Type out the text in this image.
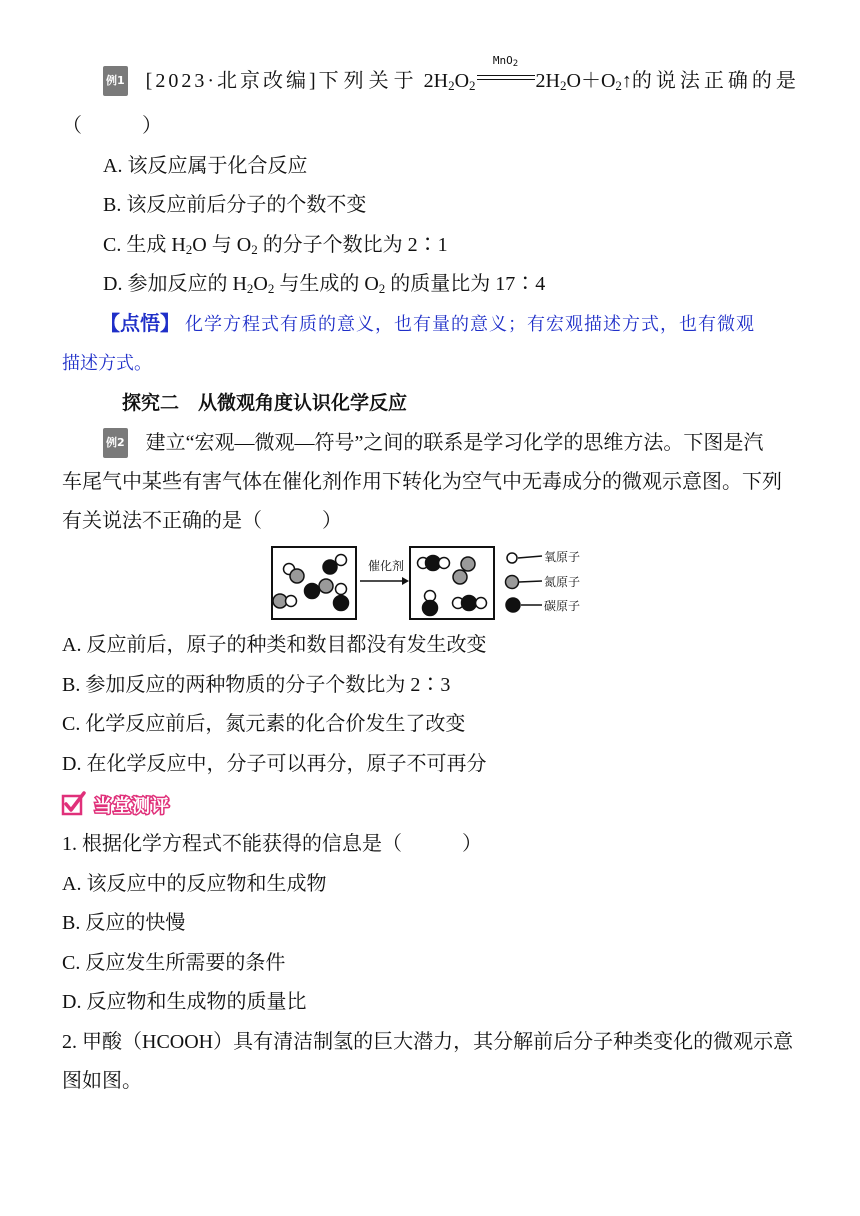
例1 [2023·北京改编]下列关于 $2H_2O_2$
MnO$_2$
$2H_2O+O_2↑$的说法正确的是
（　　　）
A. 该反应属于化合反应
B. 该反应前后分子的个数不变
C. 生成 $H_2O$ 与 $O_2$ 的分子个数比为 2∶1
D. 参加反应的 $H_2O_2$ 与生成的 $O_2$ 的质量比为 17∶4
【点悟】 化学方程式有质的意义，也有量的意义；有宏观描述方式，也有微观
描述方式。
探究二　从微观角度认识化学反应
例2 建立“宏观—微观—符号”之间的联系是学习化学的思维方法。下图是汽
车尾气中某些有害气体在催化剂作用下转化为空气中无毒成分的微观示意图。下列
有关说法不正确的是（　　　）
催化剂
氧原子
氮原子
碳原子
A. 反应前后，原子的种类和数目都没有发生改变
B. 参加反应的两种物质的分子个数比为 2∶3
C. 化学反应前后，氮元素的化合价发生了改变
D. 在化学反应中，分子可以再分，原子不可再分
当堂测评
1. 根据化学方程式不能获得的信息是（　　　）
A. 该反应中的反应物和生成物
B. 反应的快慢
C. 反应发生所需要的条件
D. 反应物和生成物的质量比
2. 甲酸（HCOOH）具有清洁制氢的巨大潜力，其分解前后分子种类变化的微观示意
图如图。
